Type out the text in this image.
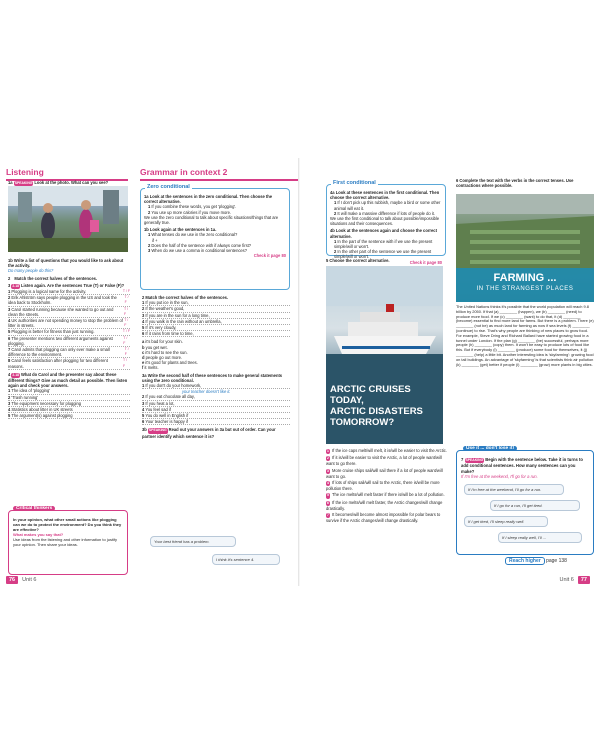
Listening	Grammar in context 2
1a SPEAKING Look at the photo. What can you see?
1b Write a list of questions that you would like to ask about the activity.
Do many people do this?
2 Match the correct halves of the sentences.
3 2.18 Listen again. Are the sentences True (T) or False (F)?
1 Plogging is a logical name for the activity.	T / F
2 Erik Ahlström says people plogging in the US and took the idea back to Stockholm.
T / F
3 Carol started running because she wanted to go out and clean the streets.
T / F
4 UK authorities are not spending money to stop the problem of litter in streets.
T / F
5 Plogging is better for fitness than just running.	T / F
6 The presenter mentions two different arguments against plogging.
T / F
7 Carol admits that plogging can only ever make a small difference to the environment.
T / F
8 Carol feels satisfaction after plogging for two different reasons.
T / F
4 2.18 What do Carol and the presenter say about these different things? Give as much detail as possible. Then listen again and check your answers.
1 The idea of 'plogging'
2 'Trash running'
3 The equipment necessary for plogging
4 Statistics about litter in UK streets
5 The argument(s) against plogging
Critical thinkers
In your opinion, what other small actions like plogging can we do to protect the environment? Do you think they are effective?
What makes you say that?
Use ideas from the listening and other information to justify your opinion. Then share your ideas.
Zero conditional
1a Look at the sentences in the zero conditional. Then choose the correct alternative.
1 If you combine these words, you get 'plogging'.
2 You use up more calories if you move more.
We use the zero conditional to talk about specific situations/things that are generally true.
1b Look again at the sentences in 1a.
1 What tenses do we use in the zero conditional?
if +
2 Does the half of the sentence with if always come first?
3 When do we use a comma in conditional sentences?
Check it page 80
2 Match the correct halves of the sentences.
1 If you put ice in the sun,
2 If the weather's good,
3 If you are in the sun for a long time,
4 If you walk in the rain without an umbrella,
5 If it's very cloudy,
6 If it rains from time to time,
a it's bad for your skin.
b you get wet.
c it's hard to see the sun.
d people go out more.
e it's good for plants and trees.
f it melts.
3a Write the second half of these sentences to make general statements using the zero conditional.
1 If you don't do your homework,
your teacher doesn't like it.
2 If you eat chocolate all day,
3 If you heat a lot,
4 You feel sad if
5 You do well in English if
6 Your teacher is happy if
3b SPEAKING Read out your answers in 3a but out of order. Can your partner identify which sentence it is?
Your best friend has a problem.
I think it's sentence 4.
76 Unit 6	Unit 6 77
First conditional
4a Look at these sentences in the first conditional. Then choose the correct alternative.
1 If I don't pick up this rubbish, maybe a bird or some other animal will eat it.
2 It will make a massive difference if lots of people do it.
We use the first conditional to talk about possible/impossible situations and their consequences.
4b Look at the sentences again and choose the correct alternative.
1 In the part of the sentence with if we use the present simple/will or won't.
2 In the other part of the sentence we use the present simple/will or won't.
Check it page 80
5 Choose the correct alternative.
ARCTIC CRUISES TODAY,
ARCTIC DISASTERS
TOMORROW?
1 If the ice caps melt/will melt, it is/will be easier to visit the Arctic.
2 If it is/will be easier to visit the Arctic, a lot of people want/will want to go there.
3 More cruise ships sail/will sail there if a lot of people want/will want to go.
4 If lots of ships sail/will sail to the Arctic, there is/will be more pollution there.
5 The ice melts/will melt faster if there is/will be a lot of pollution.
6 If the ice melts/will melt faster, the Arctic changes/will change drastically.
7 It becomes/will become almost impossible for polar bears to survive if the Arctic changes/will change drastically.
6 Complete the text with the verbs in the correct tenses. Use contractions where possible.
FARMING ...
IN THE STRANGEST PLACES
The United Nations thinks it's possible that the world population will reach 9.8 billion by 2050. If that (a) ________ (happen), we (b) ________ (need) to produce more food. If we (c) ________ (want) to do that, it (d) ________ (become) essential to find more land for farms. But there is a problem. There (e) ________ (not be) as much land for farming as now if sea levels (f) ________ (continue) to rise. That's why people are thinking of new places to grow food. For example, Steve Dring and Richard Ballard have started growing food in a tunnel under London. If the plan (g) ________ (be) successful, perhaps more people (h) ________ (copy) them. It won't be easy to produce lots of food like this. But if everybody (i) ________ (produce) some food for themselves, it (j) ________ (help) a little bit. Another interesting idea is 'skyfarming': growing food on tall buildings. An advantage of 'skyfarming' is that scientists think air pollution (k) ________ (get) better if people (l) ________ (grow) more plants in big cities.
Use it ... don't lose it!
7 SPEAKING Begin with the sentence below. Take it in turns to add conditional sentences. How many sentences can you make?
If I'm free at the weekend, I'll go for a run.
If I'm free at the weekend, I'll go for a run.
If I go for a run, I'll get tired.
If I get tired, I'll sleep really well.
If I sleep really well, I'll ...
Reach higher page 138
